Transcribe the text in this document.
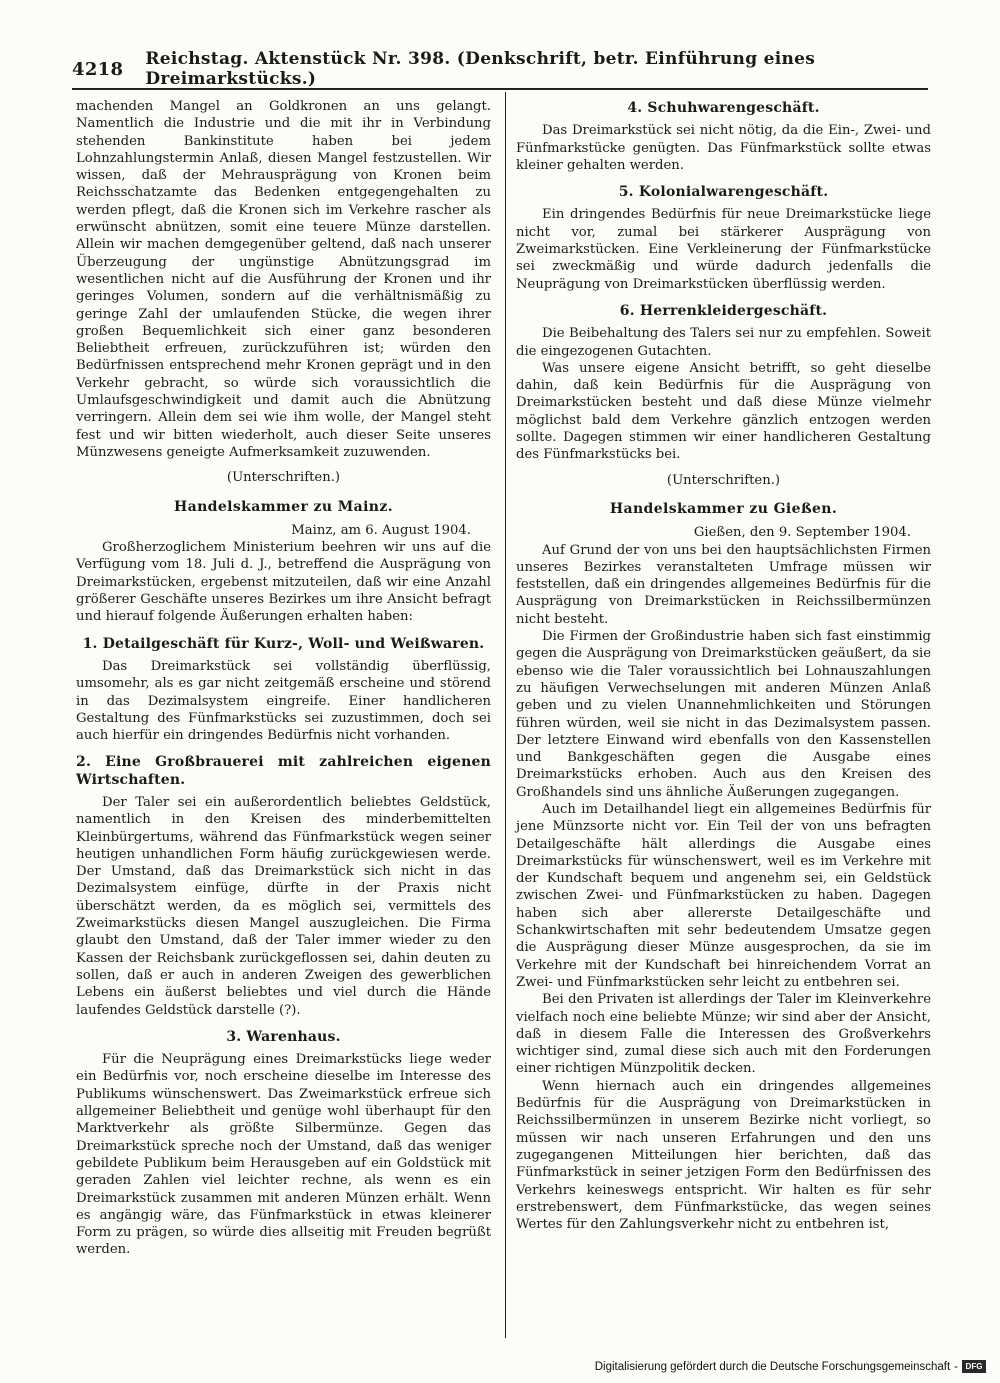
4218 Reichstag. Aktenstück Nr. 398. (Denkschrift, betr. Einführung eines Dreimarkstücks.)

machenden Mangel an Goldkronen an uns gelangt. Namentlich die Industrie und die mit ihr in Verbindung stehenden Bankinstitute haben bei jedem Lohnzahlungstermin Anlaß, diesen Mangel festzustellen. Wir wissen, daß der Mehrausprägung von Kronen beim Reichsschatzamte das Bedenken entgegengehalten zu werden pflegt, daß die Kronen sich im Verkehre rascher als erwünscht abnützen, somit eine teuere Münze darstellen. Allein wir machen demgegenüber geltend, daß nach unserer Überzeugung der ungünstige Abnützungsgrad im wesentlichen nicht auf die Ausführung der Kronen und ihr geringes Volumen, sondern auf die verhältnismäßig zu geringe Zahl der umlaufenden Stücke, die wegen ihrer großen Bequemlichkeit sich einer ganz besonderen Beliebtheit erfreuen, zurückzuführen ist; würden den Bedürfnissen entsprechend mehr Kronen geprägt und in den Verkehr gebracht, so würde sich voraussichtlich die Umlaufsgeschwindigkeit und damit auch die Abnützung verringern. Allein dem sei wie ihm wolle, der Mangel steht fest und wir bitten wiederholt, auch dieser Seite unseres Münzwesens geneigte Aufmerksamkeit zuzuwenden.

(Unterschriften.)

Handelskammer zu Mainz.

Mainz, am 6. August 1904.

Großherzoglichem Ministerium beehren wir uns auf die Verfügung vom 18. Juli d. J., betreffend die Ausprägung von Dreimarkstücken, ergebenst mitzuteilen, daß wir eine Anzahl größerer Geschäfte unseres Bezirkes um ihre Ansicht befragt und hierauf folgende Äußerungen erhalten haben:

1. Detailgeschäft für Kurz-, Woll- und Weißwaren.

Das Dreimarkstück sei vollständig überflüssig, umsomehr, als es gar nicht zeitgemäß erscheine und störend in das Dezimalsystem eingreife. Einer handlicheren Gestaltung des Fünfmarkstücks sei zuzustimmen, doch sei auch hierfür ein dringendes Bedürfnis nicht vorhanden.

2. Eine Großbrauerei mit zahlreichen eigenen Wirtschaften.

Der Taler sei ein außerordentlich beliebtes Geldstück, namentlich in den Kreisen des minderbemittelten Kleinbürgertums, während das Fünfmarkstück wegen seiner heutigen unhandlichen Form häufig zurückgewiesen werde. Der Umstand, daß das Dreimarkstück sich nicht in das Dezimalsystem einfüge, dürfte in der Praxis nicht überschätzt werden, da es möglich sei, vermittels des Zweimarkstücks diesen Mangel auszugleichen. Die Firma glaubt den Umstand, daß der Taler immer wieder zu den Kassen der Reichsbank zurückgeflossen sei, dahin deuten zu sollen, daß er auch in anderen Zweigen des gewerblichen Lebens ein äußerst beliebtes und viel durch die Hände laufendes Geldstück darstelle (?).

3. Warenhaus.

Für die Neuprägung eines Dreimarkstücks liege weder ein Bedürfnis vor, noch erscheine dieselbe im Interesse des Publikums wünschenswert. Das Zweimarkstück erfreue sich allgemeiner Beliebtheit und genüge wohl überhaupt für den Marktverkehr als größte Silbermünze. Gegen das Dreimarkstück spreche noch der Umstand, daß das weniger gebildete Publikum beim Herausgeben auf ein Goldstück mit geraden Zahlen viel leichter rechne, als wenn es ein Dreimarkstück zusammen mit anderen Münzen erhält. Wenn es angängig wäre, das Fünfmarkstück in etwas kleinerer Form zu prägen, so würde dies allseitig mit Freuden begrüßt werden.

4. Schuhwarengeschäft.

Das Dreimarkstück sei nicht nötig, da die Ein-, Zwei- und Fünfmarkstücke genügten. Das Fünfmarkstück sollte etwas kleiner gehalten werden.

5. Kolonialwarengeschäft.

Ein dringendes Bedürfnis für neue Dreimarkstücke liege nicht vor, zumal bei stärkerer Ausprägung von Zweimarkstücken. Eine Verkleinerung der Fünfmarkstücke sei zweckmäßig und würde dadurch jedenfalls die Neuprägung von Dreimarkstücken überflüssig werden.

6. Herrenkleidergeschäft.

Die Beibehaltung des Talers sei nur zu empfehlen. Soweit die eingezogenen Gutachten.

Was unsere eigene Ansicht betrifft, so geht dieselbe dahin, daß kein Bedürfnis für die Ausprägung von Dreimarkstücken besteht und daß diese Münze vielmehr möglichst bald dem Verkehre gänzlich entzogen werden sollte. Dagegen stimmen wir einer handlicheren Gestaltung des Fünfmarkstücks bei.

(Unterschriften.)

Handelskammer zu Gießen.

Gießen, den 9. September 1904.

Auf Grund der von uns bei den hauptsächlichsten Firmen unseres Bezirkes veranstalteten Umfrage müssen wir feststellen, daß ein dringendes allgemeines Bedürfnis für die Ausprägung von Dreimarkstücken in Reichssilbermünzen nicht besteht.

Die Firmen der Großindustrie haben sich fast einstimmig gegen die Ausprägung von Dreimarkstücken geäußert, da sie ebenso wie die Taler voraussichtlich bei Lohnauszahlungen zu häufigen Verwechselungen mit anderen Münzen Anlaß geben und zu vielen Unannehmlichkeiten und Störungen führen würden, weil sie nicht in das Dezimalsystem passen. Der letztere Einwand wird ebenfalls von den Kassenstellen und Bankgeschäften gegen die Ausgabe eines Dreimarkstücks erhoben. Auch aus den Kreisen des Großhandels sind uns ähnliche Äußerungen zugegangen.

Auch im Detailhandel liegt ein allgemeines Bedürfnis für jene Münzsorte nicht vor. Ein Teil der von uns befragten Detailgeschäfte hält allerdings die Ausgabe eines Dreimarkstücks für wünschenswert, weil es im Verkehre mit der Kundschaft bequem und angenehm sei, ein Geldstück zwischen Zwei- und Fünfmarkstücken zu haben. Dagegen haben sich aber allererste Detailgeschäfte und Schankwirtschaften mit sehr bedeutendem Umsatze gegen die Ausprägung dieser Münze ausgesprochen, da sie im Verkehre mit der Kundschaft bei hinreichendem Vorrat an Zwei- und Fünfmarkstücken sehr leicht zu entbehren sei.

Bei den Privaten ist allerdings der Taler im Kleinverkehre vielfach noch eine beliebte Münze; wir sind aber der Ansicht, daß in diesem Falle die Interessen des Großverkehrs wichtiger sind, zumal diese sich auch mit den Forderungen einer richtigen Münzpolitik decken.

Wenn hiernach auch ein dringendes allgemeines Bedürfnis für die Ausprägung von Dreimarkstücken in Reichssilbermünzen in unserem Bezirke nicht vorliegt, so müssen wir nach unseren Erfahrungen und den uns zugegangenen Mitteilungen hier berichten, daß das Fünfmarkstück in seiner jetzigen Form den Bedürfnissen des Verkehrs keineswegs entspricht. Wir halten es für sehr erstrebenswert, dem Fünfmarkstücke, das wegen seines Wertes für den Zahlungsverkehr nicht zu entbehren ist,

Digitalisierung gefördert durch die Deutsche Forschungsgemeinschaft - DFG
